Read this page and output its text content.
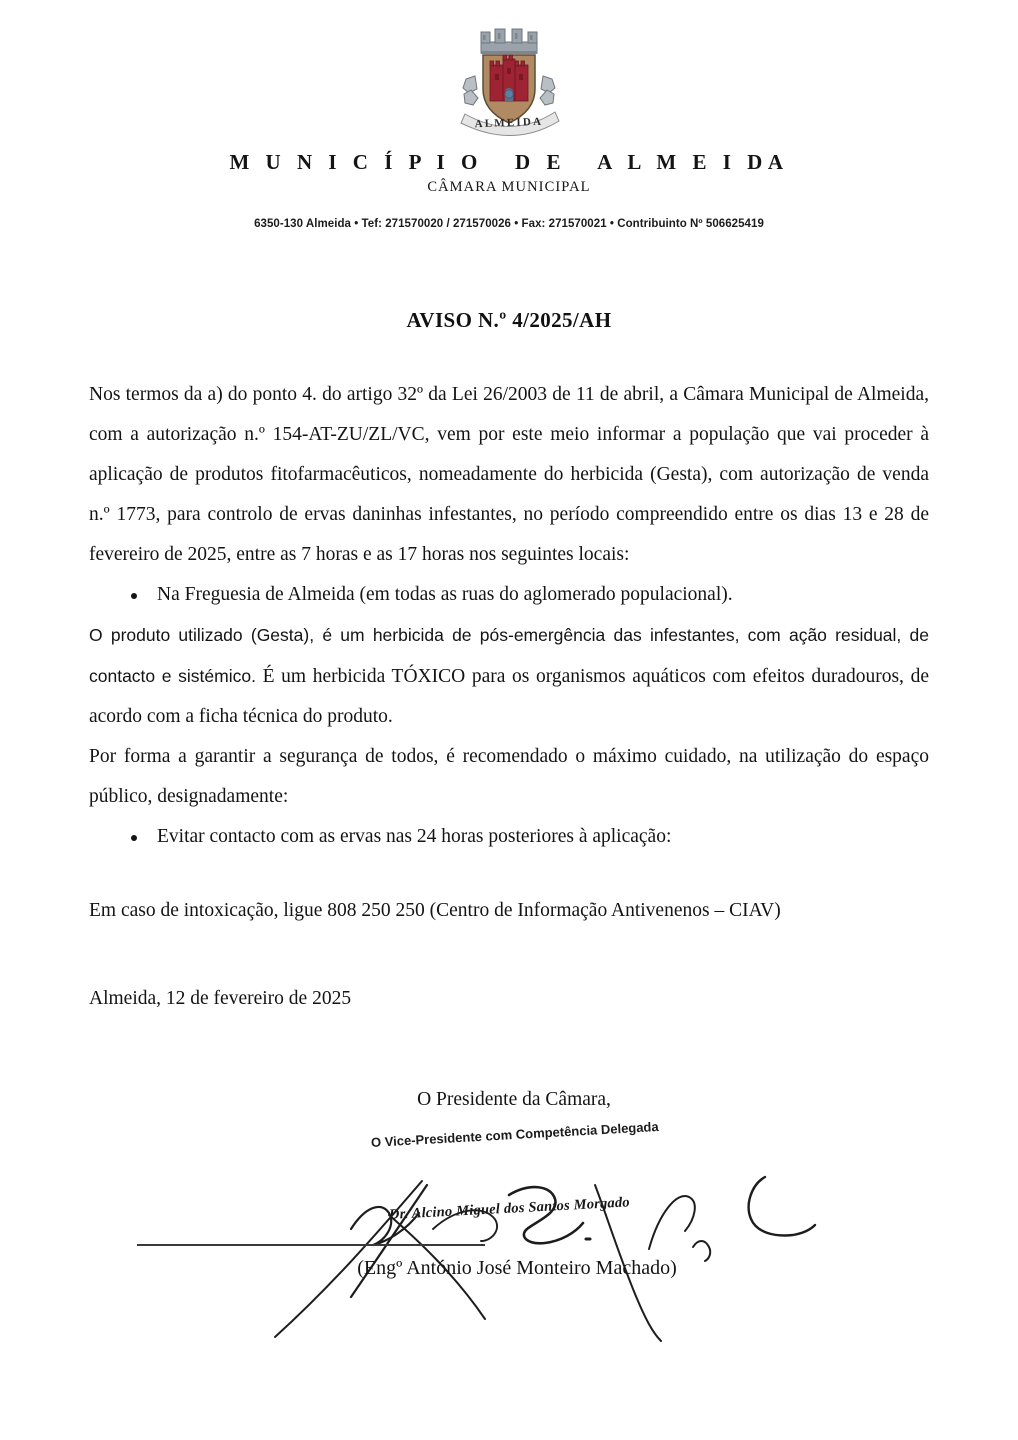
ALMEIDA
M U N I C Í P I O   D E   A L M E I DA
CÂMARA MUNICIPAL
6350-130 Almeida • Tef: 271570020 / 271570026 • Fax: 271570021 • Contribuinto Nº 506625419
AVISO N.º 4/2025/AH

Nos termos da a) do ponto 4. do artigo 32º da Lei 26/2003 de 11 de abril, a Câmara Municipal de Almeida, com a autorização n.º 154-AT-ZU/ZL/VC, vem por este meio informar a população que vai proceder à aplicação de produtos fitofarmacêuticos, nomeadamente do herbicida (Gesta), com autorização de venda n.º 1773, para controlo de ervas daninhas infestantes, no período compreendido entre os dias 13 e 28 de fevereiro de 2025, entre as 7 horas e as 17 horas nos seguintes locais:

Na Freguesia de Almeida (em todas as ruas do aglomerado populacional).

O produto utilizado (Gesta), é um herbicida de pós-emergência das infestantes, com ação residual, de contacto e sistémico. É um herbicida TÓXICO para os organismos aquáticos com efeitos duradouros, de acordo com a ficha técnica do produto.

Por forma a garantir a segurança de todos, é recomendado o máximo cuidado, na utilização do espaço público, designadamente:

Evitar contacto com as ervas nas 24 horas posteriores à aplicação:

Em caso de intoxicação, ligue 808 250 250 (Centro de Informação Antivenenos – CIAV)

Almeida, 12 de fevereiro de 2025

O Presidente da Câmara,
O Vice-Presidente com Competência Delegada
Dr. Alcino Miguel dos Santos Morgado
(Engº António José Monteiro Machado)
